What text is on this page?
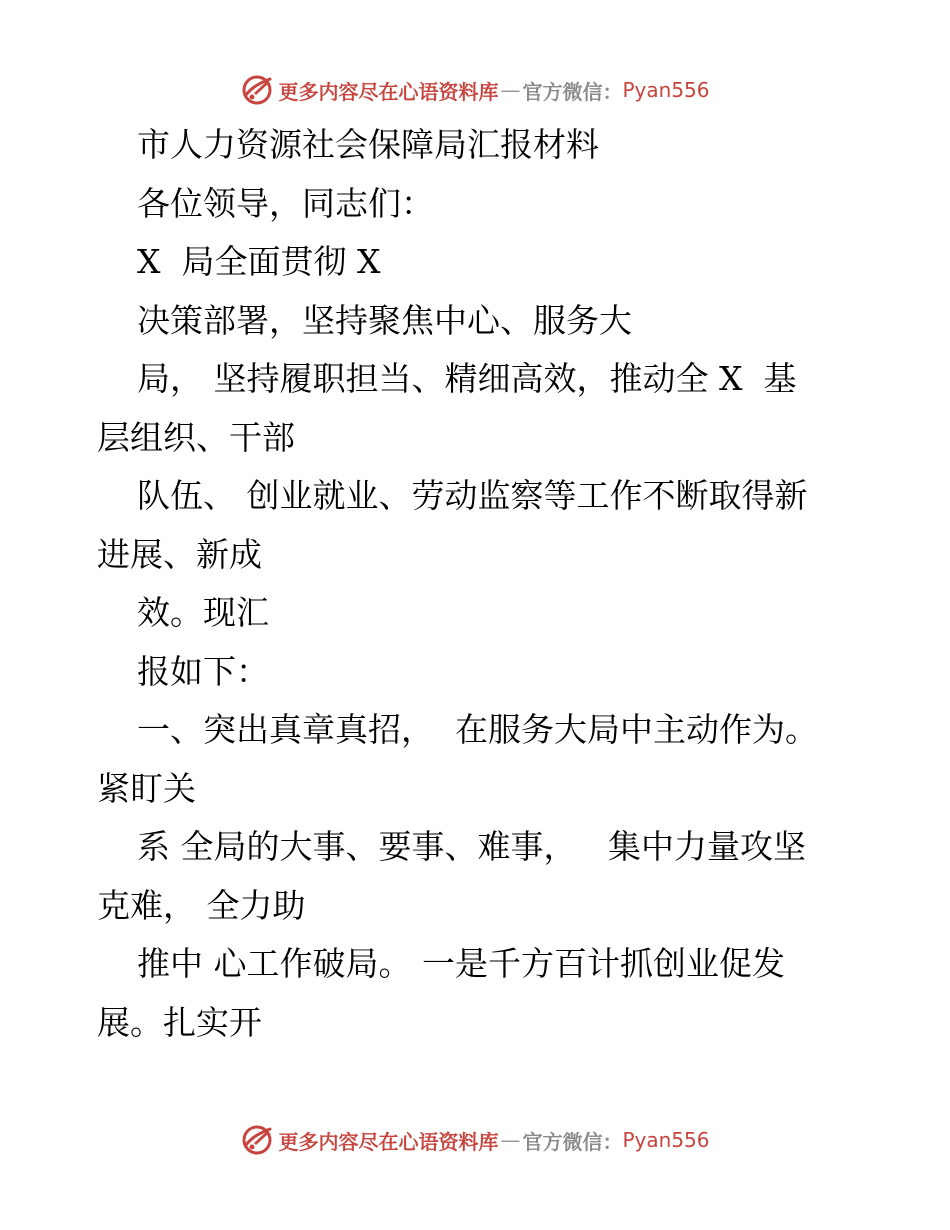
更多内容尽在心语资料库 — 官方微信： Pyan556
市人力资源社会保障局汇报材料
各位领导，同志们：
X  局全面贯彻 X
决策部署，坚持聚焦中心、服务大
局， 坚持履职担当、精细高效，推动全 X  基
层组织、干部
队伍、 创业就业、劳动监察等工作不断取得新
进展、新成
效。现汇
报如下：
一、突出真章真招，  在服务大局中主动作为。
紧盯关
系 全局的大事、要事、难事，   集中力量攻坚
克难， 全力助
推中 心工作破局。 一是千方百计抓创业促发
展。扎实开
更多内容尽在心语资料库 — 官方微信： Pyan556
